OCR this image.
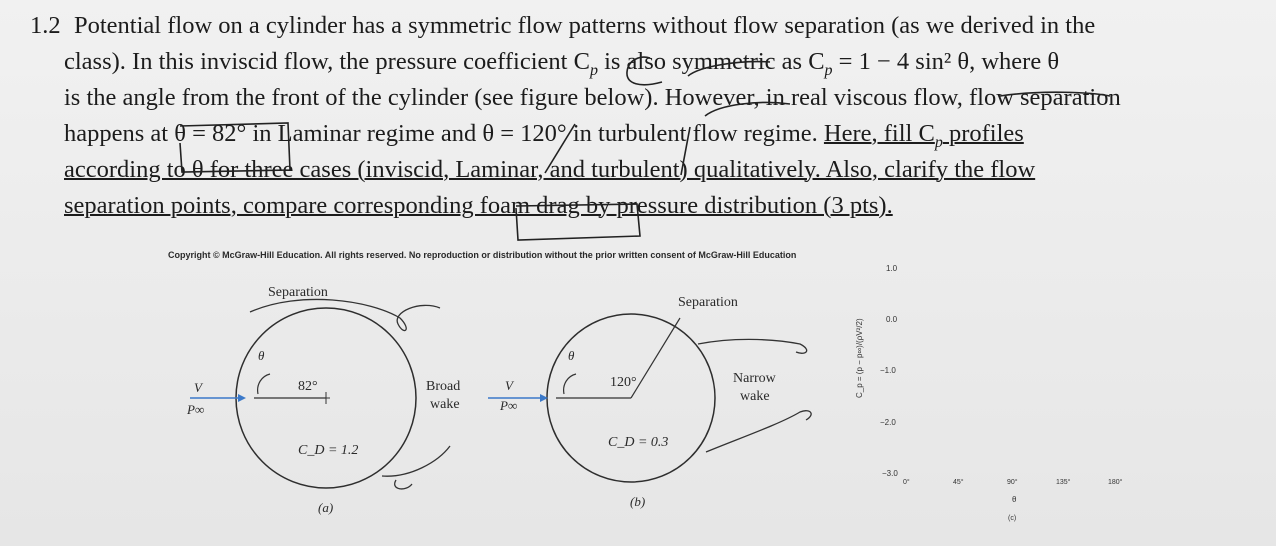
1.2 Potential flow on a cylinder has a symmetric flow patterns without flow separation (as we derived in the
class). In this inviscid flow, the pressure coefficient $C_p$ is also symmetric as $C_p = 1 - 4$ sin² θ, where θ
is the angle from the front of the cylinder (see figure below). However, in real viscous flow, flow separation
happens at θ = 82° in Laminar regime and θ = 120° in turbulent flow regime. Here, fill $C_p$ profiles
according to θ for three cases (inviscid, Laminar, and turbulent) qualitatively. Also, clarify the flow
separation points, compare corresponding foam drag by pressure distribution (3 pts).
Copyright © McGraw-Hill Education. All rights reserved. No reproduction or distribution without the prior written consent of McGraw-Hill Education
Separation
θ
82°
V
P∞
Broad
wake
C_D = 1.2
(a)
Separation
θ
120°
V
P∞
Narrow
wake
C_D = 0.3
(b)
C_p = (p − p∞)/(ρV²/2)
1.0
0.0
−1.0
−2.0
−3.0
0°	45°	90°	135°	180°
θ
(c)
